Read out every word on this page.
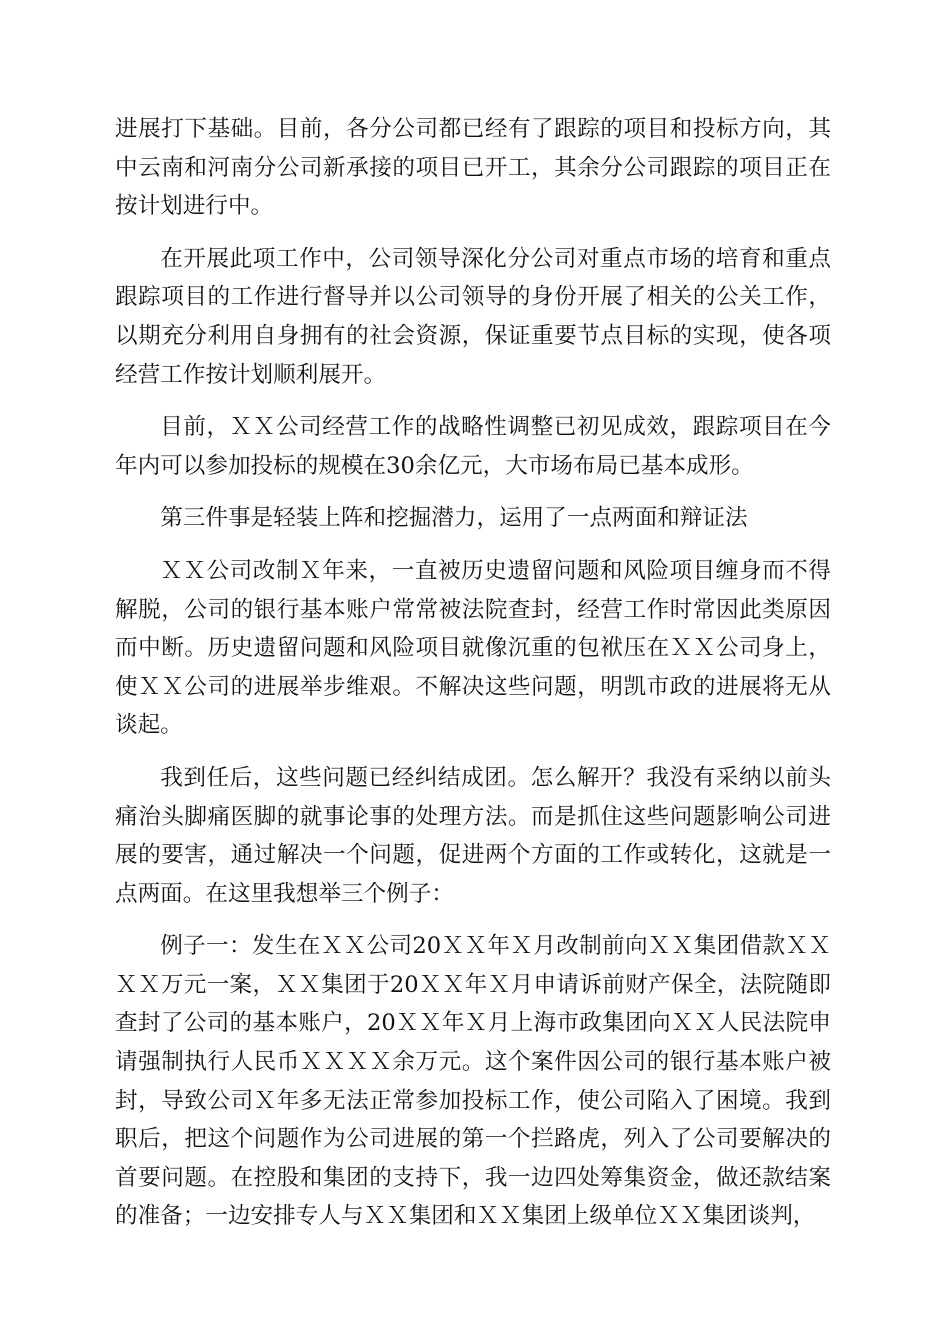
进展打下基础。目前，各分公司都已经有了跟踪的项目和投标方向，其中云南和河南分公司新承接的项目已开工，其余分公司跟踪的项目正在按计划进行中。

在开展此项工作中，公司领导深化分公司对重点市场的培育和重点跟踪项目的工作进行督导并以公司领导的身份开展了相关的公关工作，以期充分利用自身拥有的社会资源，保证重要节点目标的实现，使各项经营工作按计划顺利展开。

目前，ＸＸ公司经营工作的战略性调整已初见成效，跟踪项目在今年内可以参加投标的规模在30余亿元，大市场布局已基本成形。

第三件事是轻装上阵和挖掘潜力，运用了一点两面和辩证法

ＸＸ公司改制Ｘ年来，一直被历史遗留问题和风险项目缠身而不得解脱，公司的银行基本账户常常被法院查封，经营工作时常因此类原因而中断。历史遗留问题和风险项目就像沉重的包袱压在ＸＸ公司身上，使ＸＸ公司的进展举步维艰。不解决这些问题，明凯市政的进展将无从谈起。

我到任后，这些问题已经纠结成团。怎么解开？我没有采纳以前头痛治头脚痛医脚的就事论事的处理方法。而是抓住这些问题影响公司进展的要害，通过解决一个问题，促进两个方面的工作或转化，这就是一点两面。在这里我想举三个例子：

例子一：发生在ＸＸ公司20ＸＸ年Ｘ月改制前向ＸＸ集团借款ＸＸＸＸ万元一案，ＸＸ集团于20ＸＸ年Ｘ月申请诉前财产保全，法院随即查封了公司的基本账户，20ＸＸ年Ｘ月上海市政集团向ＸＸ人民法院申请强制执行人民币ＸＸＸＸ余万元。这个案件因公司的银行基本账户被封，导致公司Ｘ年多无法正常参加投标工作，使公司陷入了困境。我到职后，把这个问题作为公司进展的第一个拦路虎，列入了公司要解决的首要问题。在控股和集团的支持下，我一边四处筹集资金，做还款结案的准备；一边安排专人与ＸＸ集团和ＸＸ集团上级单位ＸＸ集团谈判，
